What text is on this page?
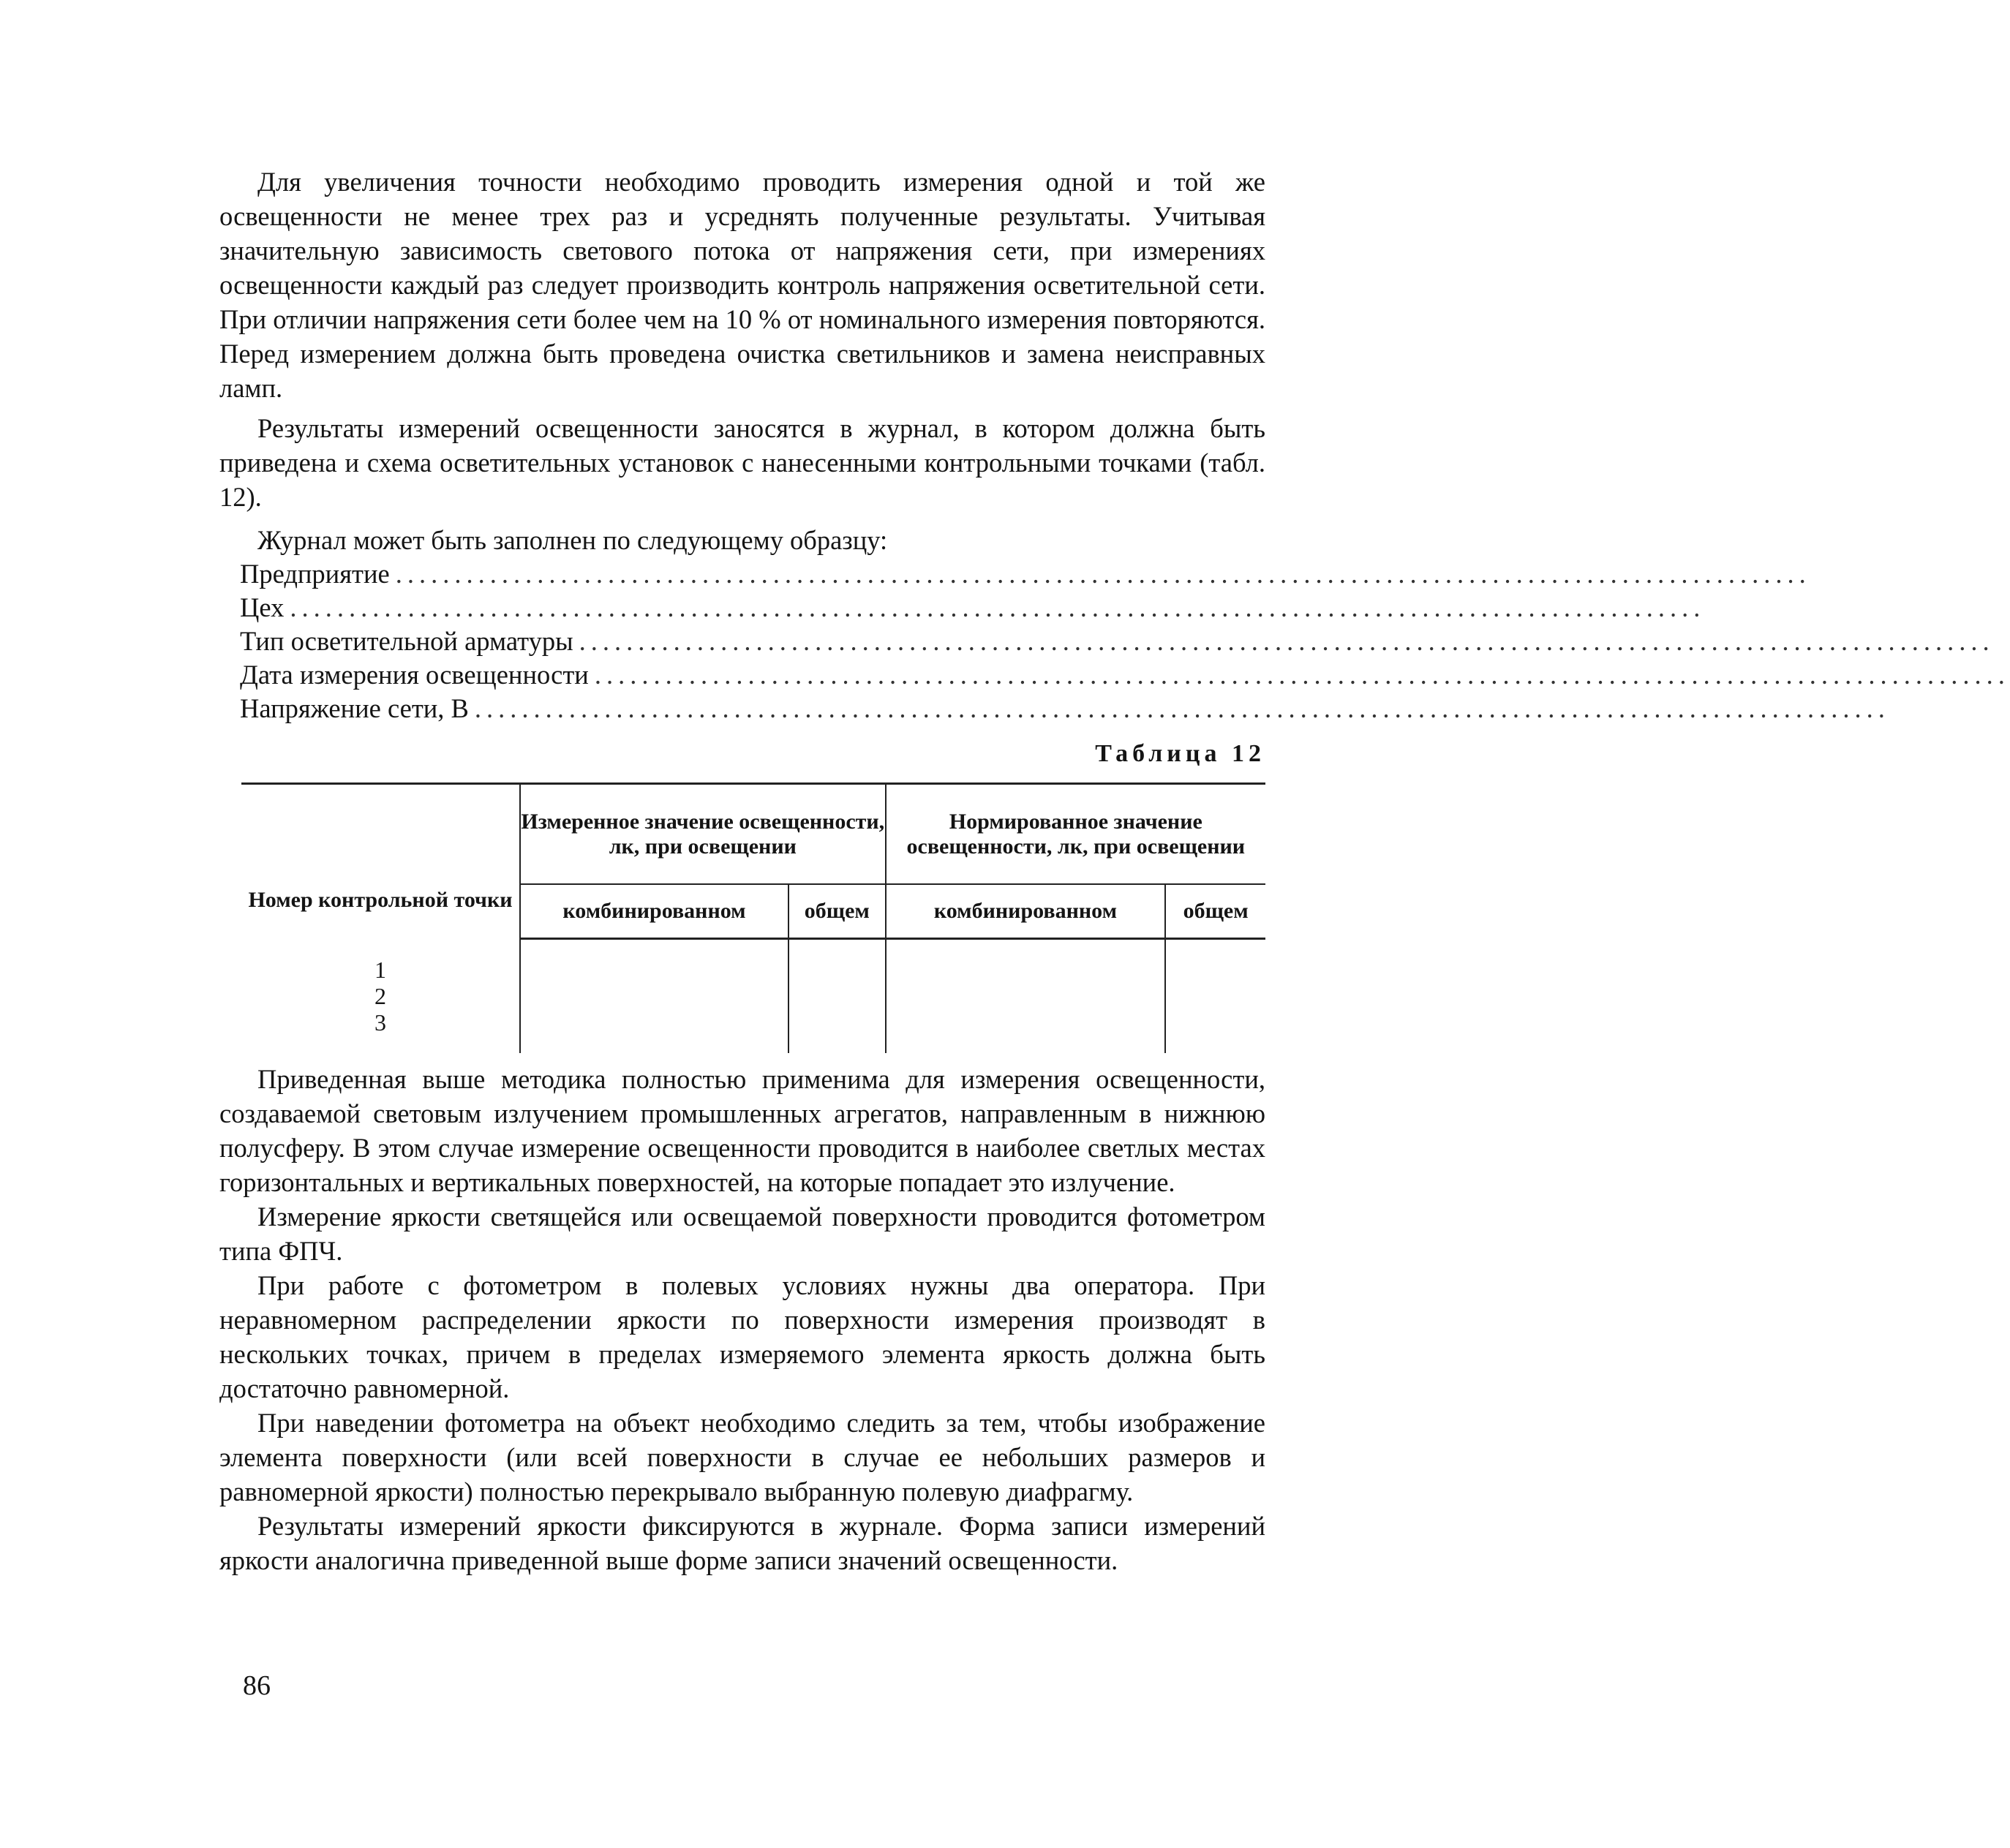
Для увеличения точности необходимо проводить измерения одной и той же освещенности не менее трех раз и усреднять полученные результаты. Учитывая значительную зависимость светового потока от напряжения сети, при измерениях освещенности каждый раз следует производить контроль напряжения осветительной сети. При отличии напряжения сети более чем на 10 % от номинального измерения повторяются. Перед измерением должна быть проведена очистка светильников и замена неисправных ламп.

Результаты измерений освещенности заносятся в журнал, в котором должна быть приведена и схема осветительных установок с нанесенными контрольными точками (табл. 12).

Журнал может быть заполнен по следующему образцу:

Предприятие ........................................................................................................................
Цех ........................................................................................................................
Тип осветительной арматуры ........................................................................................................................
Дата измерения освещенности ........................................................................................................................
Напряжение сети, В ........................................................................................................................
Таблица 12
Номер контрольной точки	Измеренное значение освещенности, лк, при освещении		Нормированное значение освещенности, лк, при освещении	
	комбинированном	общем	комбинированном	общем

1
2
3				

Приведенная выше методика полностью применима для измерения освещенности, создаваемой световым излучением промышленных агрегатов, направленным в нижнюю полусферу. В этом случае измерение освещенности проводится в наиболее светлых местах горизонтальных и вертикальных поверхностей, на которые попадает это излучение.

Измерение яркости светящейся или освещаемой поверхности проводится фотометром типа ФПЧ.

При работе с фотометром в полевых условиях нужны два оператора. При неравномерном распределении яркости по поверхности измерения производят в нескольких точках, причем в пределах измеряемого элемента яркость должна быть достаточно равномерной.

При наведении фотометра на объект необходимо следить за тем, чтобы изображение элемента поверхности (или всей поверхности в случае ее небольших размеров и равномерной яркости) полностью перекрывало выбранную полевую диафрагму.

Результаты измерений яркости фиксируются в журнале. Форма записи измерений яркости аналогична приведенной выше форме записи значений освещенности.

86
